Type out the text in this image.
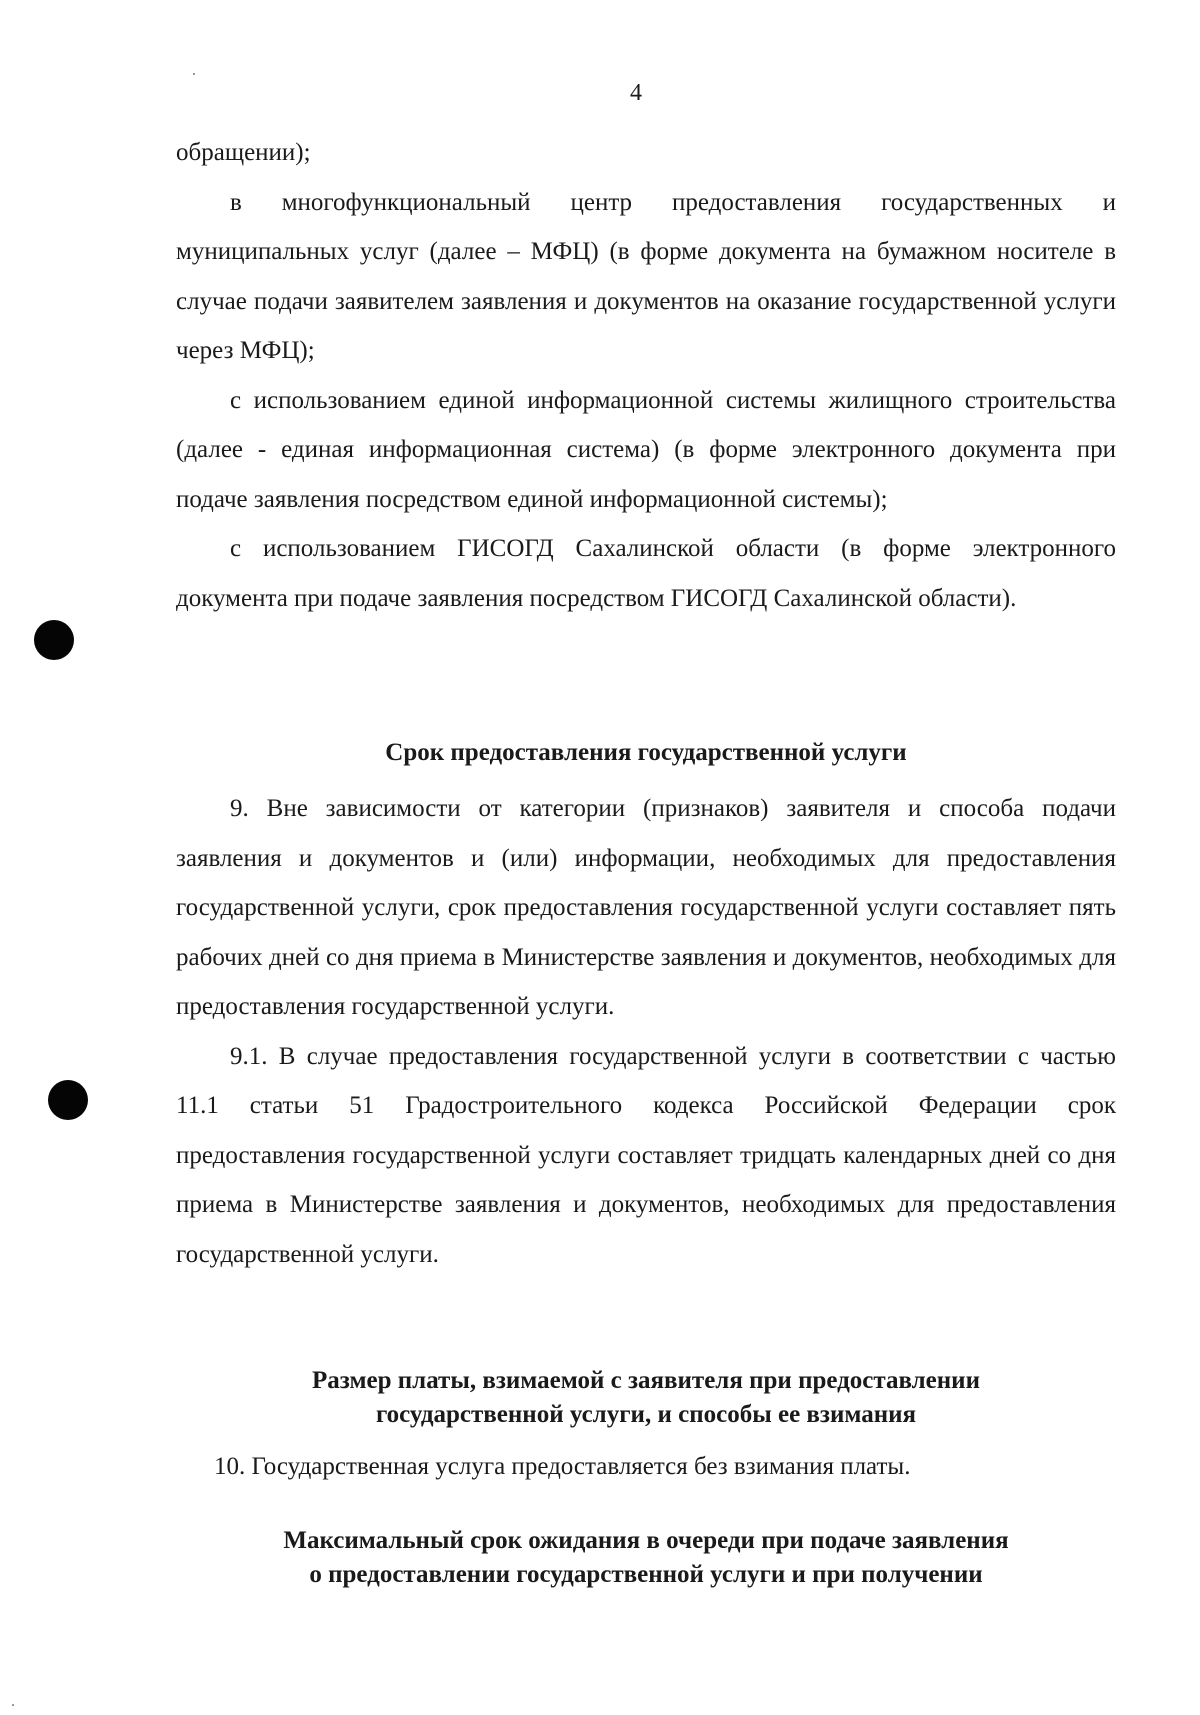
4

обращении);

в многофункциональный центр предоставления государственных и муниципальных услуг (далее – МФЦ) (в форме документа на бумажном носителе в случае подачи заявителем заявления и документов на оказание государственной услуги через МФЦ);

с использованием единой информационной системы жилищного строительства (далее - единая информационная система) (в форме электронного документа при подаче заявления посредством единой информационной системы);

с использованием ГИСОГД Сахалинской области (в форме электронного документа при подаче заявления посредством ГИСОГД Сахалинской области).

Срок предоставления государственной услуги

9. Вне зависимости от категории (признаков) заявителя и способа подачи заявления и документов и (или) информации, необходимых для предоставления государственной услуги, срок предоставления государственной услуги составляет пять рабочих дней со дня приема в Министерстве заявления и документов, необходимых для предоставления государственной услуги.

9.1. В случае предоставления государственной услуги в соответствии с частью 11.1 статьи 51 Градостроительного кодекса Российской Федерации срок предоставления государственной услуги составляет тридцать календарных дней со дня приема в Министерстве заявления и документов, необходимых для предоставления государственной услуги.

Размер платы, взимаемой с заявителя при предоставлении
государственной услуги, и способы ее взимания

10. Государственная услуга предоставляется без взимания платы.

Максимальный срок ожидания в очереди при подаче заявления
о предоставлении государственной услуги и при получении
